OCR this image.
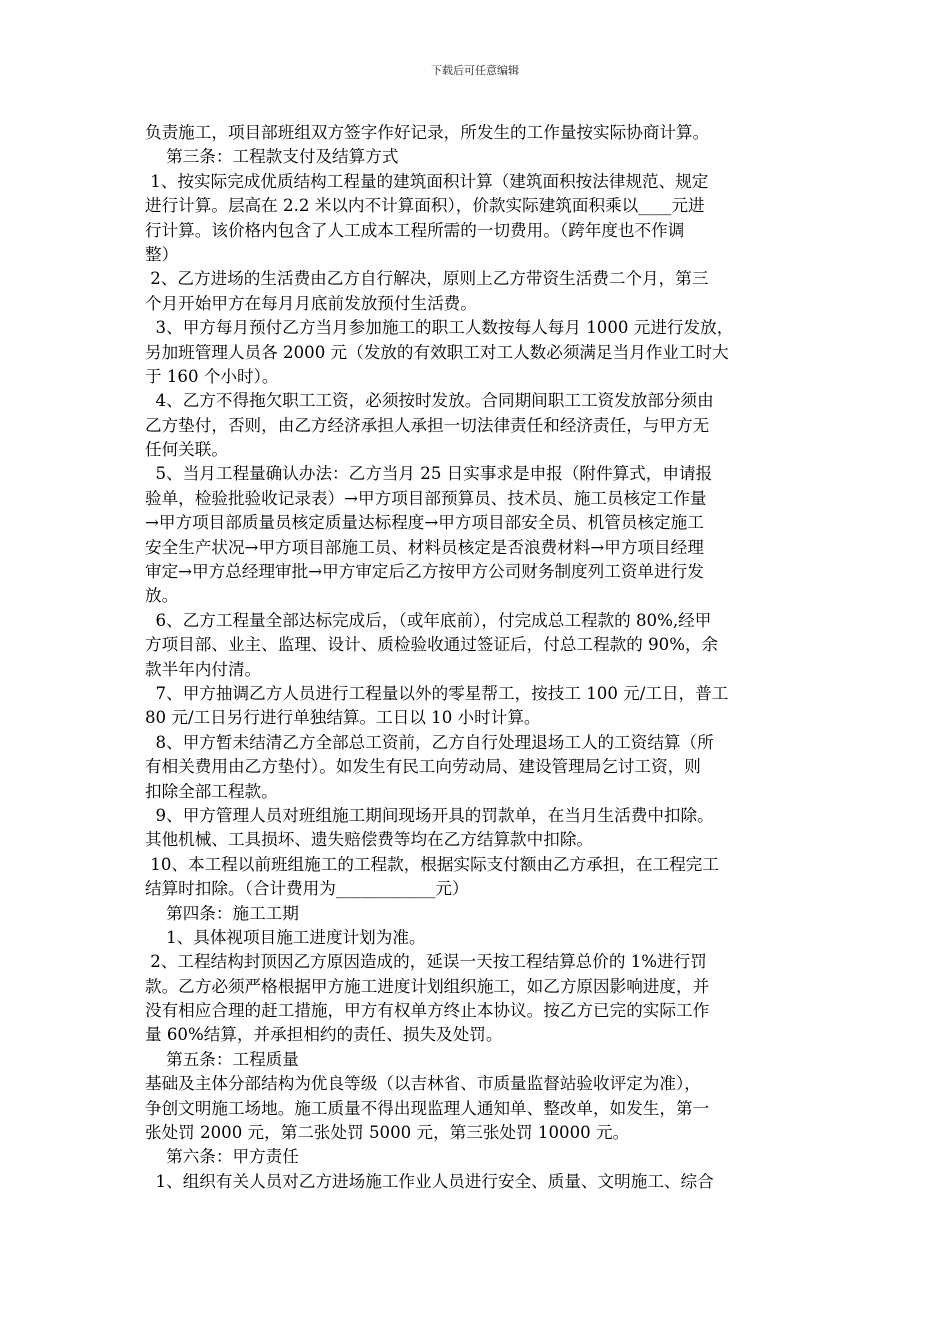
下载后可任意编辑
负责施工，项目部班组双方签字作好记录，所发生的工作量按实际协商计算。
第三条：工程款支付及结算方式
1、按实际完成优质结构工程量的建筑面积计算（建筑面积按法律规范、规定
进行计算。层高在 2.2 米以内不计算面积），价款实际建筑面积乘以____元进
行计算。该价格内包含了人工成本工程所需的一切费用。（跨年度也不作调
整）
2、乙方进场的生活费由乙方自行解决，原则上乙方带资生活费二个月，第三
个月开始甲方在每月月底前发放预付生活费。
3、甲方每月预付乙方当月参加施工的职工人数按每人每月 1000 元进行发放，
另加班管理人员各 2000 元（发放的有效职工对工人数必须满足当月作业工时大
于 160 个小时）。
4、乙方不得拖欠职工工资，必须按时发放。合同期间职工工资发放部分须由
乙方垫付，否则，由乙方经济承担人承担一切法律责任和经济责任，与甲方无
任何关联。
5、当月工程量确认办法：乙方当月 25 日实事求是申报（附件算式，申请报
验单，检验批验收记录表）→甲方项目部预算员、技术员、施工员核定工作量
→甲方项目部质量员核定质量达标程度→甲方项目部安全员、机管员核定施工
安全生产状况→甲方项目部施工员、材料员核定是否浪费材料→甲方项目经理
审定→甲方总经理审批→甲方审定后乙方按甲方公司财务制度列工资单进行发
放。
6、乙方工程量全部达标完成后，（或年底前），付完成总工程款的 80%,经甲
方项目部、业主、监理、设计、质检验收通过签证后，付总工程款的 90%，余
款半年内付清。
7、甲方抽调乙方人员进行工程量以外的零星帮工，按技工 100 元/工日，普工
80 元/工日另行进行单独结算。工日以 10 小时计算。
8、甲方暂未结清乙方全部总工资前，乙方自行处理退场工人的工资结算（所
有相关费用由乙方垫付）。如发生有民工向劳动局、建设管理局乞讨工资，则
扣除全部工程款。
9、甲方管理人员对班组施工期间现场开具的罚款单，在当月生活费中扣除。
其他机械、工具损坏、遗失赔偿费等均在乙方结算款中扣除。
10、本工程以前班组施工的工程款，根据实际支付额由乙方承担，在工程完工
结算时扣除。（合计费用为____________元）
第四条：施工工期
1、具体视项目施工进度计划为准。
2、工程结构封顶因乙方原因造成的，延误一天按工程结算总价的 1%进行罚
款。乙方必须严格根据甲方施工进度计划组织施工，如乙方原因影响进度，并
没有相应合理的赶工措施，甲方有权单方终止本协议。按乙方已完的实际工作
量 60%结算，并承担相约的责任、损失及处罚。
第五条：工程质量
基础及主体分部结构为优良等级（以吉林省、市质量监督站验收评定为准），
争创文明施工场地。施工质量不得出现监理人通知单、整改单，如发生，第一
张处罚 2000 元，第二张处罚 5000 元，第三张处罚 10000 元。
第六条：甲方责任
1、组织有关人员对乙方进场施工作业人员进行安全、质量、文明施工、综合
